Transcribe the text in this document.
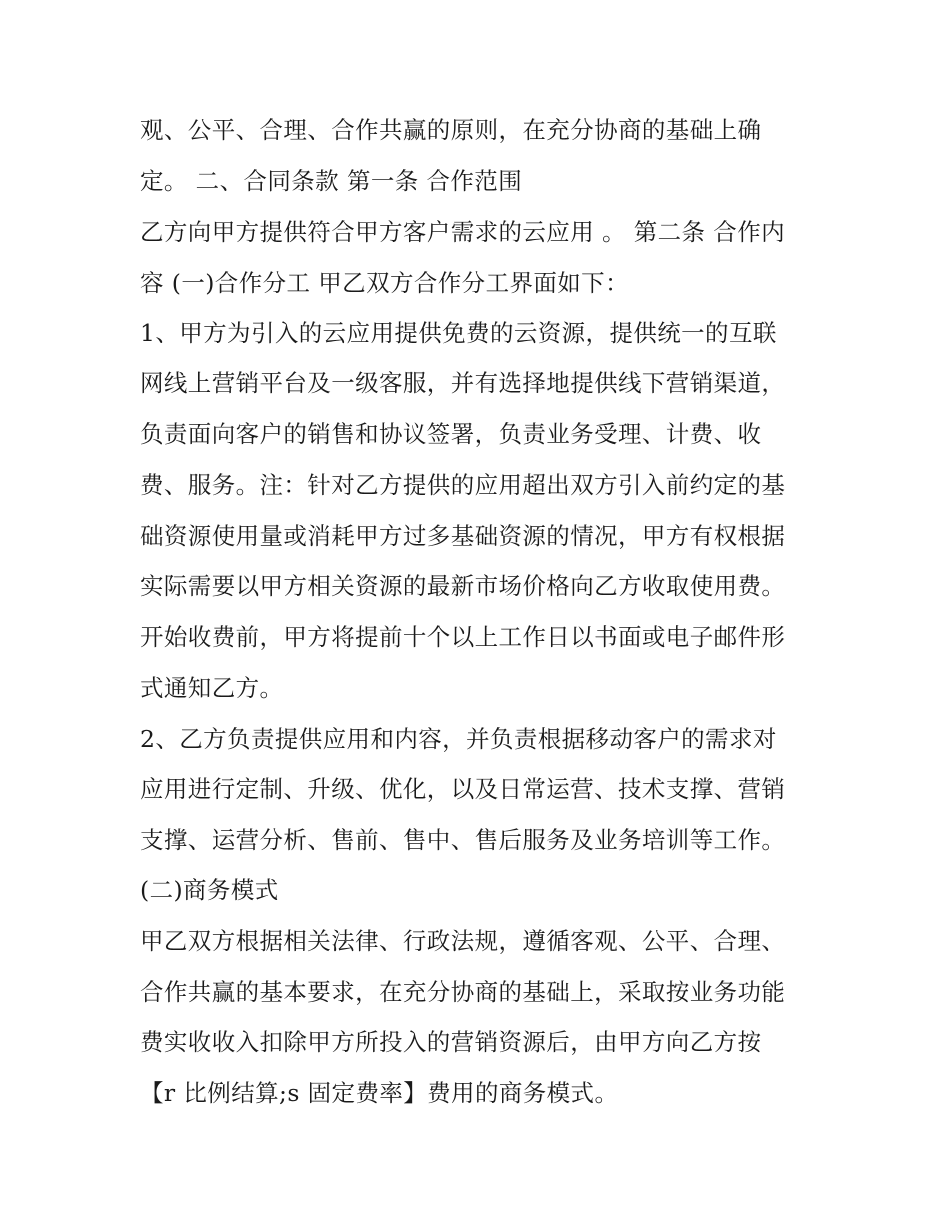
观、公平、合理、合作共赢的原则，在充分协商的基础上确
定。 二、合同条款 第一条 合作范围
乙方向甲方提供符合甲方客户需求的云应用 。 第二条 合作内
容 (一)合作分工 甲乙双方合作分工界面如下：
1、甲方为引入的云应用提供免费的云资源，提供统一的互联
网线上营销平台及一级客服，并有选择地提供线下营销渠道，
负责面向客户的销售和协议签署，负责业务受理、计费、收
费、服务。注：针对乙方提供的应用超出双方引入前约定的基
础资源使用量或消耗甲方过多基础资源的情况，甲方有权根据
实际需要以甲方相关资源的最新市场价格向乙方收取使用费。
开始收费前，甲方将提前十个以上工作日以书面或电子邮件形
式通知乙方。
2、乙方负责提供应用和内容，并负责根据移动客户的需求对
应用进行定制、升级、优化，以及日常运营、技术支撑、营销
支撑、运营分析、售前、售中、售后服务及业务培训等工作。
(二)商务模式
甲乙双方根据相关法律、行政法规，遵循客观、公平、合理、
合作共赢的基本要求，在充分协商的基础上，采取按业务功能
费实收收入扣除甲方所投入的营销资源后，由甲方向乙方按
【r 比例结算;s 固定费率】费用的商务模式。
